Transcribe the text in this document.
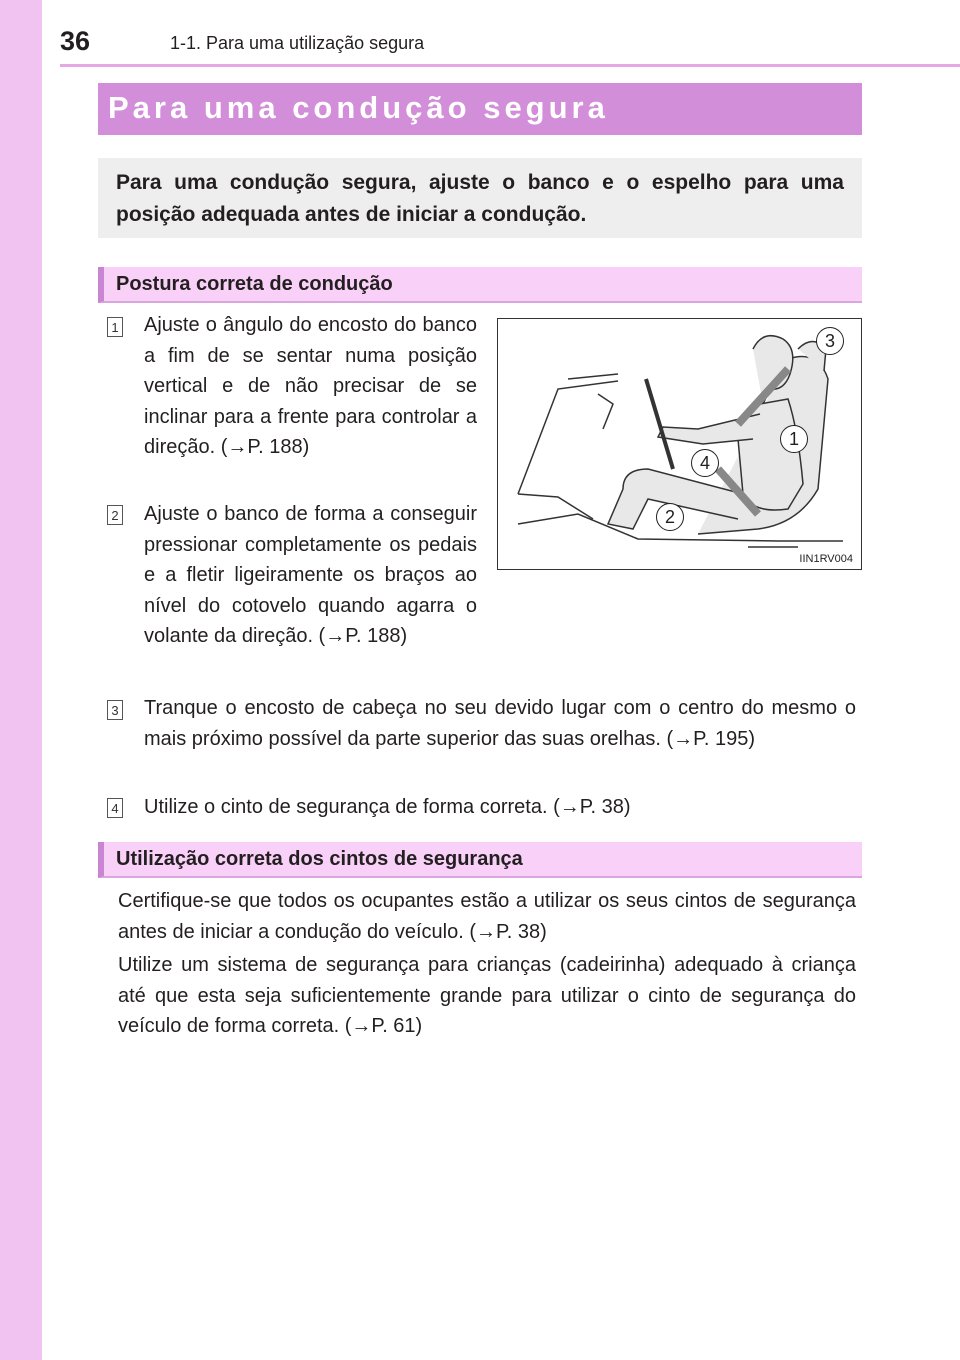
36	1-1. Para uma utilização segura
Para uma condução segura

Para uma condução segura, ajuste o banco e o espelho para uma posição adequada antes de iniciar a condução.

Postura correta de condução
1 Ajuste o ângulo do encosto do banco a fim de se sentar numa posição vertical e de não precisar de se inclinar para a frente para controlar a direção. (→P. 188)
2 Ajuste o banco de forma a conseguir pressionar completamente os pedais e a fletir ligeiramente os braços ao nível do cotovelo quando agarra o volante da direção. (→P. 188)
3 Tranque o encosto de cabeça no seu devido lugar com o centro do mesmo o mais próximo possível da parte superior das suas orelhas. (→P. 195)
4 Utilize o cinto de segurança de forma correta. (→P. 38)
3
1
4
2
IIN1RV004
Utilização correta dos cintos de segurança
Certifique-se que todos os ocupantes estão a utilizar os seus cintos de segurança antes de iniciar a condução do veículo. (→P. 38)
Utilize um sistema de segurança para crianças (cadeirinha) adequado à criança até que esta seja suficientemente grande para utilizar o cinto de segurança do veículo de forma correta. (→P. 61)
